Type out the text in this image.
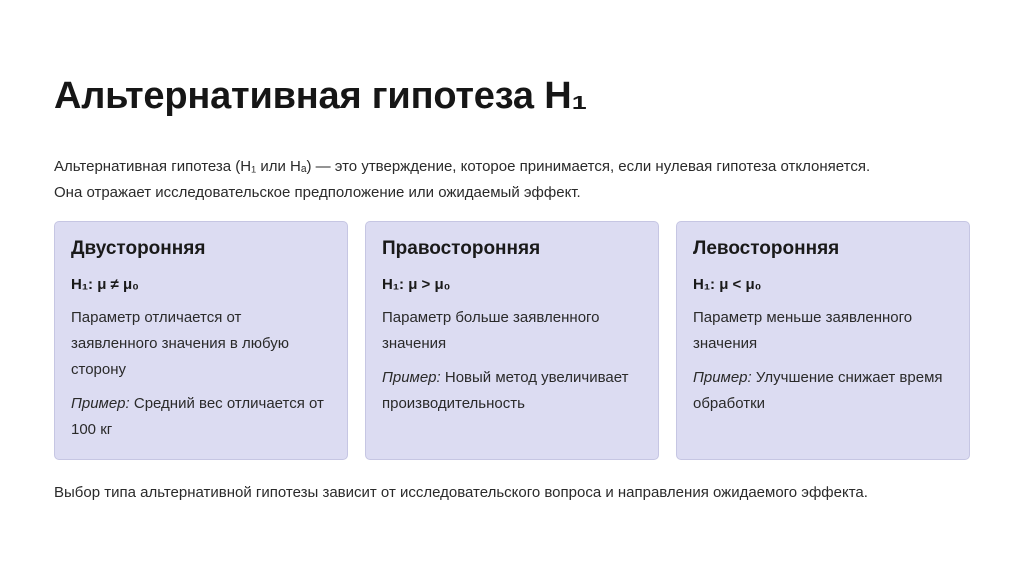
Альтернативная гипотеза H₁

Альтернативная гипотеза (H₁ или Hₐ) — это утверждение, которое принимается, если нулевая гипотеза отклоняется.
Она отражает исследовательское предположение или ожидаемый эффект.

Двусторонняя

H₁: μ ≠ μ₀

Параметр отличается от заявленного значения в любую сторону

Пример: Средний вес отличается от 100 кг

Правосторонняя

H₁: μ > μ₀

Параметр больше заявленного значения

Пример: Новый метод увеличивает производительность

Левосторонняя

H₁: μ < μ₀

Параметр меньше заявленного значения

Пример: Улучшение снижает время обработки

Выбор типа альтернативной гипотезы зависит от исследовательского вопроса и направления ожидаемого эффекта.
